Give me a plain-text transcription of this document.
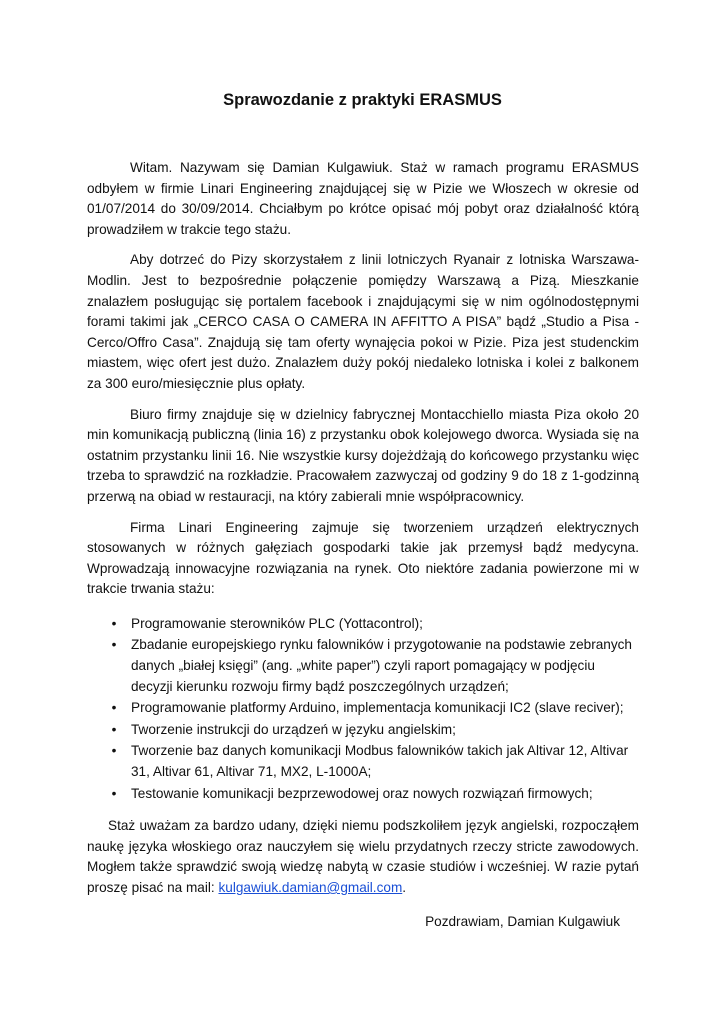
Sprawozdanie z praktyki ERASMUS

Witam. Nazywam się Damian Kulgawiuk. Staż w ramach programu ERASMUS odbyłem w firmie Linari Engineering znajdującej się w Pizie we Włoszech w okresie od 01/07/2014 do 30/09/2014. Chciałbym po krótce opisać mój pobyt oraz działalność którą prowadziłem w trakcie tego stażu.

Aby dotrzeć do Pizy skorzystałem z linii lotniczych Ryanair z lotniska Warszawa-Modlin. Jest to bezpośrednie połączenie pomiędzy Warszawą a Pizą. Mieszkanie znalazłem posługując się portalem facebook i znajdującymi się w nim ogólnodostępnymi forami takimi jak „CERCO CASA O CAMERA IN AFFITTO A PISA” bądź „Studio a Pisa - Cerco/Offro Casa”. Znajdują się tam oferty wynajęcia pokoi w Pizie. Piza jest studenckim miastem, więc ofert jest dużo. Znalazłem duży pokój niedaleko lotniska i kolei z balkonem za 300 euro/miesięcznie plus opłaty.

Biuro firmy znajduje się w dzielnicy fabrycznej Montacchiello miasta Piza około 20 min komunikacją publiczną (linia 16) z przystanku obok kolejowego dworca. Wysiada się na ostatnim przystanku linii 16. Nie wszystkie kursy dojeżdżają do końcowego przystanku więc trzeba to sprawdzić na rozkładzie. Pracowałem zazwyczaj od godziny 9 do 18 z 1-godzinną przerwą na obiad w restauracji, na który zabierali mnie współpracownicy.

Firma Linari Engineering zajmuje się tworzeniem urządzeń elektrycznych stosowanych w różnych gałęziach gospodarki takie jak przemysł bądź medycyna. Wprowadzają innowacyjne rozwiązania na rynek. Oto niektóre zadania powierzone mi w trakcie trwania stażu:

•	Programowanie sterowników PLC (Yottacontrol);
•	Zbadanie europejskiego rynku falowników i przygotowanie na podstawie zebranych danych „białej księgi” (ang. „white paper”) czyli raport pomagający w podjęciu decyzji kierunku rozwoju firmy bądź poszczególnych urządzeń;
•	Programowanie platformy Arduino, implementacja komunikacji IC2 (slave reciver);
•	Tworzenie instrukcji do urządzeń w języku angielskim;
•	Tworzenie baz danych komunikacji Modbus falowników takich jak Altivar 12, Altivar 31, Altivar 61, Altivar 71, MX2, L-1000A;
•	Testowanie komunikacji bezprzewodowej oraz nowych rozwiązań firmowych;

Staż uważam za bardzo udany, dzięki niemu podszkoliłem język angielski, rozpocząłem naukę języka włoskiego oraz nauczyłem się wielu przydatnych rzeczy stricte zawodowych. Mogłem także sprawdzić swoją wiedzę nabytą w czasie studiów i wcześniej. W razie pytań proszę pisać na mail: kulgawiuk.damian@gmail.com.

Pozdrawiam, Damian Kulgawiuk
